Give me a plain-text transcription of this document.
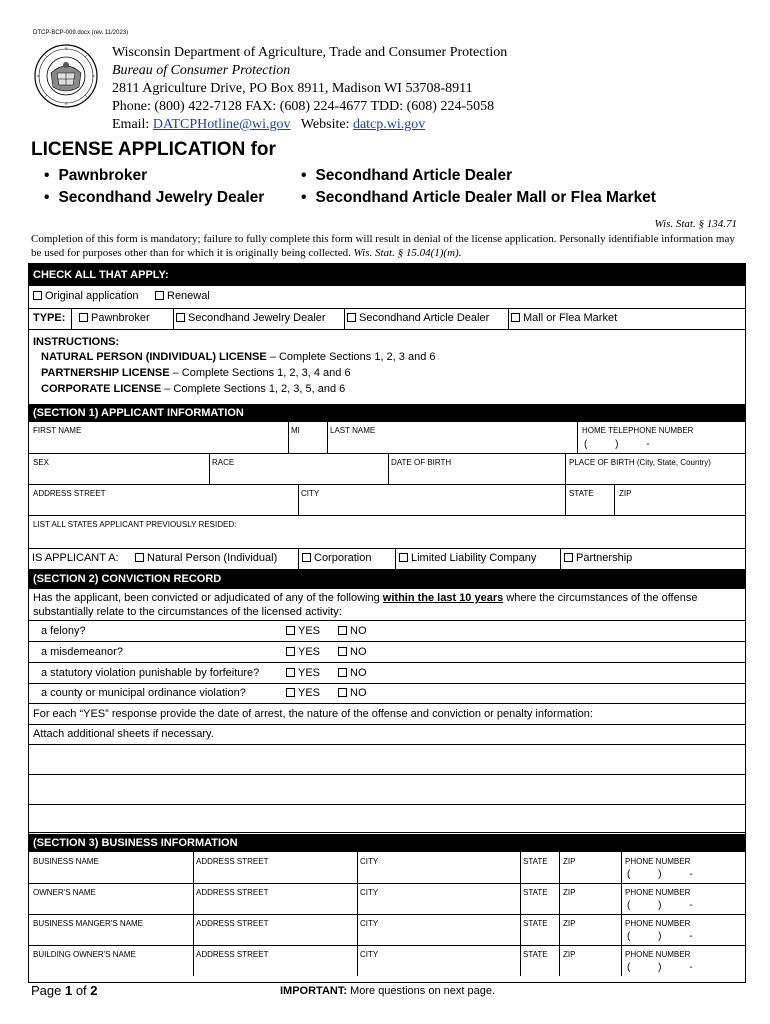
DTCP-BCP-009.docx (rev. 11/2023)
Wisconsin Department of Agriculture, Trade and Consumer Protection
Bureau of Consumer Protection
2811 Agriculture Drive, PO Box 8911, Madison WI 53708-8911
Phone: (800) 422-7128 FAX: (608) 224-4677 TDD: (608) 224-5058
Email: DATCPHotline@wi.gov   Website: datcp.wi.gov
LICENSE APPLICATION for
• Pawnbroker
• Secondhand Jewelry Dealer
• Secondhand Article Dealer
• Secondhand Article Dealer Mall or Flea Market
Wis. Stat. § 134.71
Completion of this form is mandatory; failure to fully complete this form will result in denial of the license application. Personally identifiable information may be used for purposes other than for which it is originally being collected. Wis. Stat. § 15.04(1)(m).
CHECK ALL THAT APPLY:
Original application	Renewal
TYPE:	Pawnbroker	Secondhand Jewelry Dealer	Secondhand Article Dealer	Mall or Flea Market
INSTRUCTIONS:
NATURAL PERSON (INDIVIDUAL) LICENSE – Complete Sections 1, 2, 3 and 6
PARTNERSHIP LICENSE – Complete Sections 1, 2, 3, 4 and 6
CORPORATE LICENSE – Complete Sections 1, 2, 3, 5, and 6
(SECTION 1) APPLICANT INFORMATION
FIRST NAME	MI	LAST NAME	HOME TELEPHONE NUMBER
(          )          -
SEX	RACE	DATE OF BIRTH	PLACE OF BIRTH (City, State, Country)
ADDRESS STREET	CITY	STATE	ZIP
LIST ALL STATES APPLICANT PREVIOUSLY RESIDED:
IS APPLICANT A:	Natural Person (Individual)	Corporation	Limited Liability Company	Partnership
(SECTION 2) CONVICTION RECORD
Has the applicant, been convicted or adjudicated of any of the following within the last 10 years where the circumstances of the offense substantially relate to the circumstances of the licensed activity:
a felony?	YES	NO
a misdemeanor?	YES	NO
a statutory violation punishable by forfeiture?	YES	NO
a county or municipal ordinance violation?	YES	NO
For each “YES” response provide the date of arrest, the nature of the offense and conviction or penalty information:
Attach additional sheets if necessary.
(SECTION 3) BUSINESS INFORMATION
BUSINESS NAME	ADDRESS STREET	CITY	STATE ZIP	PHONE NUMBER
(          )          -
OWNER'S NAME	ADDRESS STREET	CITY	STATE ZIP	PHONE NUMBER
(          )          -
BUSINESS MANGER'S NAME	ADDRESS STREET	CITY	STATE ZIP	PHONE NUMBER
(          )          -
BUILDING OWNER'S NAME	ADDRESS STREET	CITY	STATE ZIP	PHONE NUMBER
(          )          -
Page 1 of 2	IMPORTANT: More questions on next page.
